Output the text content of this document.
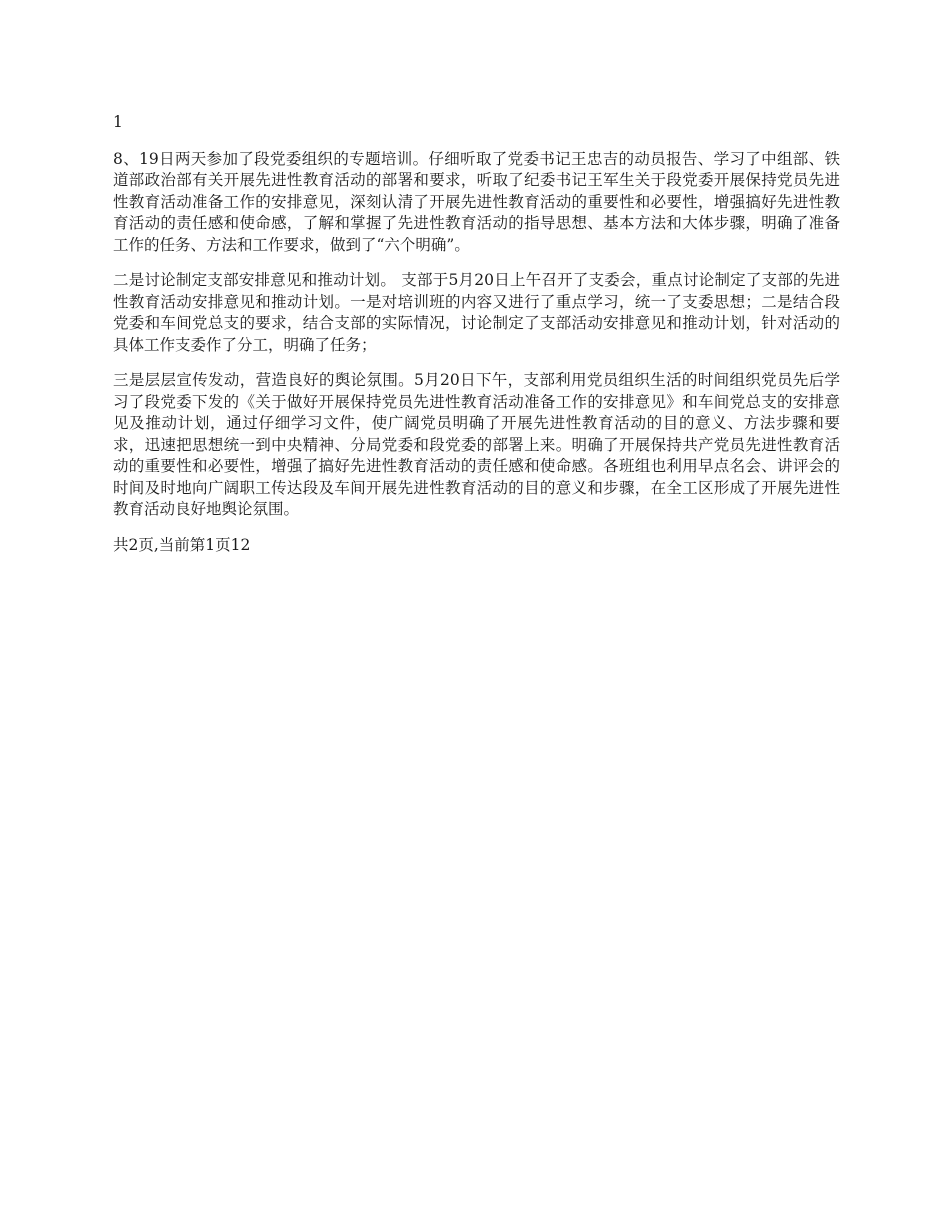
1

8、19日两天参加了段党委组织的专题培训。仔细听取了党委书记王忠吉的动员报告、学习了中组部、铁道部政治部有关开展先进性教育活动的部署和要求，听取了纪委书记王军生关于段党委开展保持党员先进性教育活动准备工作的安排意见，深刻认清了开展先进性教育活动的重要性和必要性，增强搞好先进性教育活动的责任感和使命感，了解和掌握了先进性教育活动的指导思想、基本方法和大体步骤，明确了准备工作的任务、方法和工作要求，做到了“六个明确”。

二是讨论制定支部安排意见和推动计划。 支部于5月20日上午召开了支委会，重点讨论制定了支部的先进性教育活动安排意见和推动计划。一是对培训班的内容又进行了重点学习，统一了支委思想；二是结合段党委和车间党总支的要求，结合支部的实际情况，讨论制定了支部活动安排意见和推动计划，针对活动的具体工作支委作了分工，明确了任务；

三是层层宣传发动，营造良好的舆论氛围。5月20日下午，支部利用党员组织生活的时间组织党员先后学习了段党委下发的《关于做好开展保持党员先进性教育活动准备工作的安排意见》和车间党总支的安排意见及推动计划，通过仔细学习文件，使广阔党员明确了开展先进性教育活动的目的意义、方法步骤和要求，迅速把思想统一到中央精神、分局党委和段党委的部署上来。明确了开展保持共产党员先进性教育活动的重要性和必要性，增强了搞好先进性教育活动的责任感和使命感。各班组也利用早点名会、讲评会的时间及时地向广阔职工传达段及车间开展先进性教育活动的目的意义和步骤，在全工区形成了开展先进性教育活动良好地舆论氛围。

共2页,当前第1页12
